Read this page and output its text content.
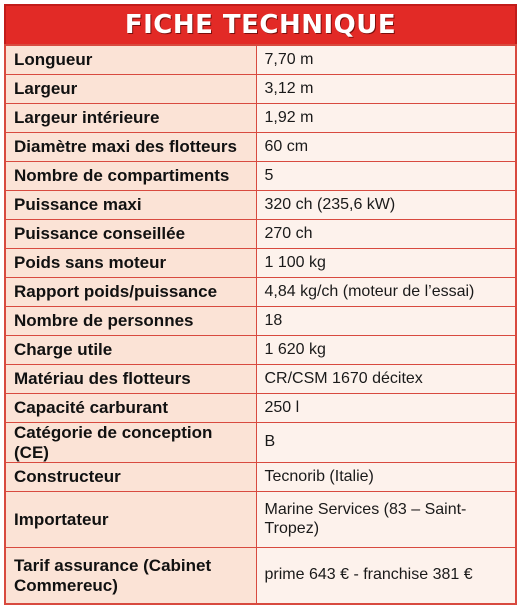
FICHE TECHNIQUE
Longueur	7,70 m
Largeur	3,12 m
Largeur intérieure	1,92 m
Diamètre maxi des flotteurs	60 cm
Nombre de compartiments	5
Puissance maxi	320 ch (235,6 kW)
Puissance conseillée	270 ch
Poids sans moteur	1 100 kg
Rapport poids/puissance	4,84 kg/ch (moteur de l’essai)
Nombre de personnes	18
Charge utile	1 620 kg
Matériau des flotteurs	CR/CSM 1670 décitex
Capacité carburant	250 l
Catégorie de conception (CE)	B
Constructeur	Tecnorib (Italie)
Importateur	Marine Services (83 – Saint-Tropez)
Tarif assurance (Cabinet Commereuc)	prime 643 € - franchise 381 €
